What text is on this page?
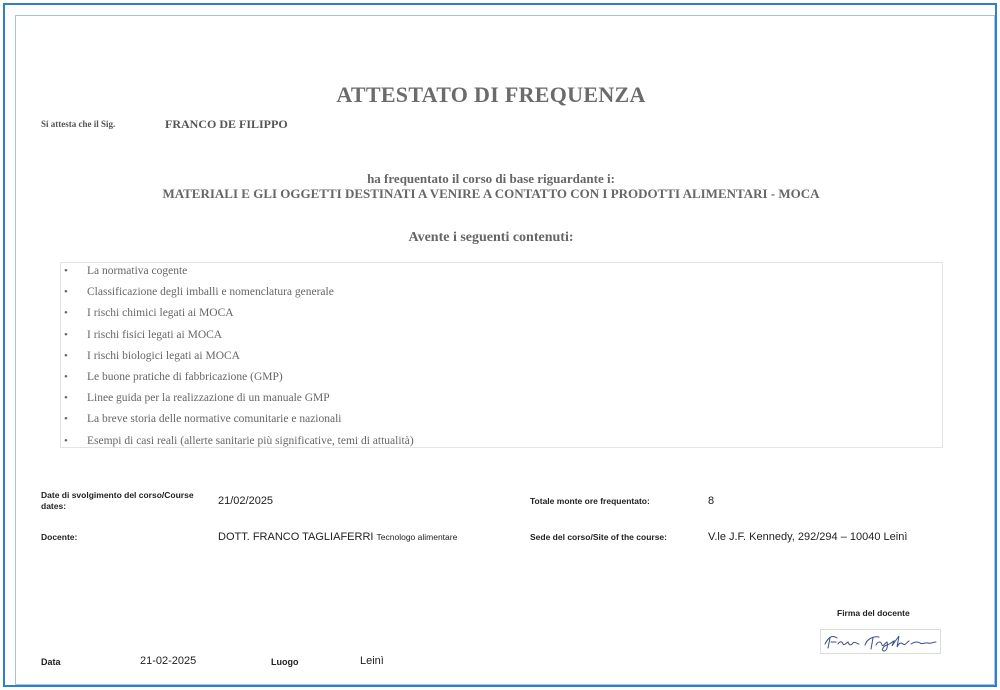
ATTESTATO DI FREQUENZA
Si attesta che il Sig.	FRANCO DE FILIPPO
ha frequentato il corso di base riguardante i:
MATERIALI E GLI OGGETTI DESTINATI A VENIRE A CONTATTO CON I PRODOTTI ALIMENTARI - MOCA
Avente i seguenti contenuti:
• La normativa cogente
• Classificazione degli imballi e nomenclatura generale
• I rischi chimici legati ai MOCA
• I rischi fisici legati ai MOCA
• I rischi biologici legati ai MOCA
• Le buone pratiche di fabbricazione (GMP)
• Linee guida per la realizzazione di un manuale GMP
• La breve storia delle normative comunitarie e nazionali
• Esempi di casi reali (allerte sanitarie più significative, temi di attualità)
Date di svolgimento del corso/Course dates:	21/02/2025	Totale monte ore frequentato:	8
Docente:	DOTT. FRANCO TAGLIAFERRI Tecnologo alimentare	Sede del corso/Site of the course:	V.le J.F. Kennedy, 292/294 – 10040 Leinì
Firma del docente
Data	21-02-2025	Luogo	Leinì
